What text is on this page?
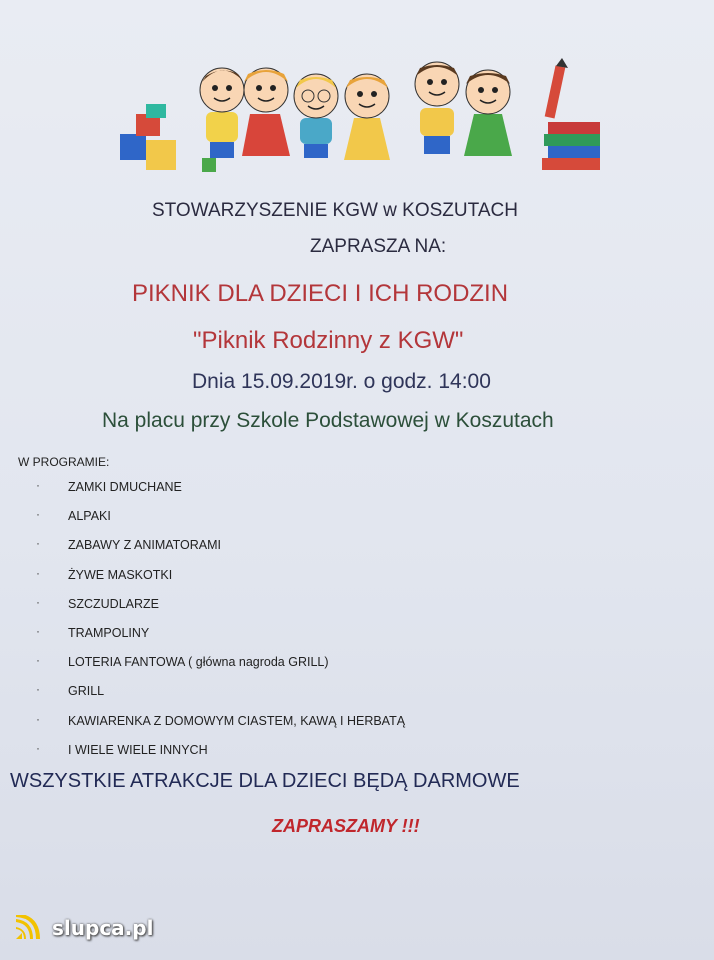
STOWARZYSZENIE KGW w KOSZUTACH
ZAPRASZA NA:
PIKNIK DLA DZIECI I ICH RODZIN
"Piknik Rodzinny z KGW"
Dnia 15.09.2019r. o godz. 14:00
Na placu przy Szkole Podstawowej w Koszutach
W PROGRAMIE:
· ZAMKI DMUCHANE
· ALPAKI
· ZABAWY Z ANIMATORAMI
· ŻYWE MASKOTKI
· SZCZUDLARZE
· TRAMPOLINY
· LOTERIA FANTOWA ( główna nagroda GRILL)
· GRILL
· KAWIARENKA Z DOMOWYM CIASTEM, KAWĄ I HERBATĄ
· I WIELE WIELE INNYCH
WSZYSTKIE ATRAKCJE DLA DZIECI BĘDĄ DARMOWE
ZAPRASZAMY !!!
slupca.pl
